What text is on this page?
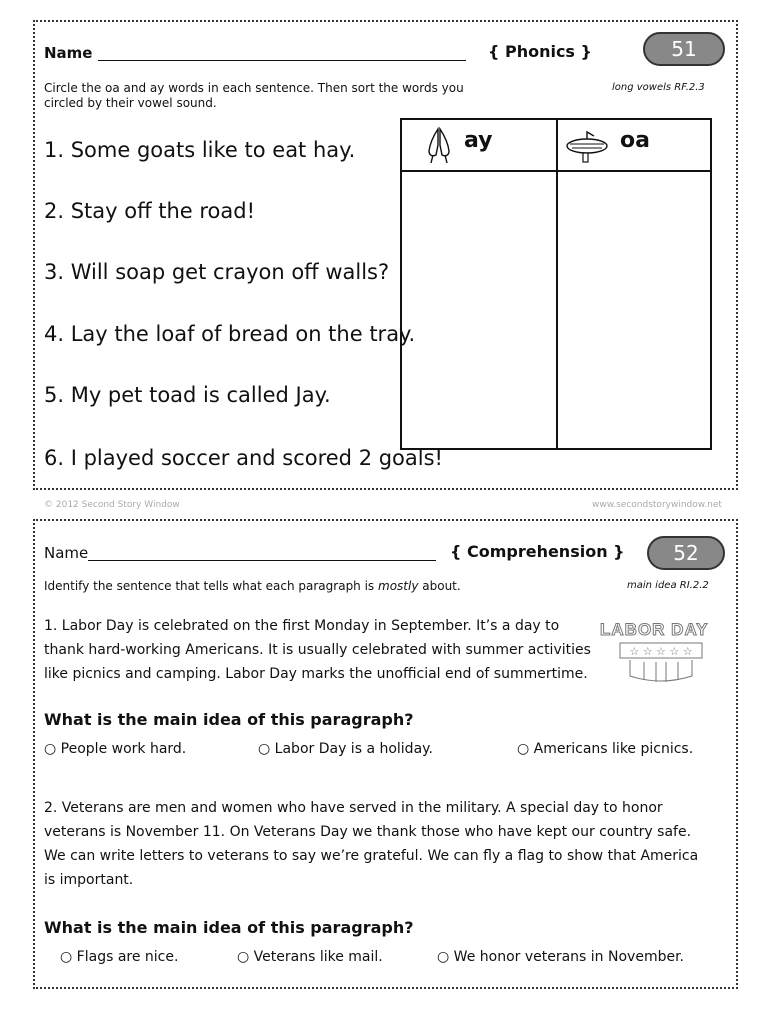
Name	{ Phonics }	51
Circle the oa and ay words in each sentence. Then sort the words you
circled by their vowel sound.
long vowels RF.2.3
1. Some goats like to eat hay.
2. Stay off the road!
3. Will soap get crayon off walls?
4. Lay the loaf of bread on the tray.
5. My pet toad is called Jay.
6. I played soccer and scored 2 goals!
ay	oa
© 2012 Second Story Window	www.secondstorywindow.net
Name	{ Comprehension }	52
Identify the sentence that tells what each paragraph is mostly about.	main idea RI.2.2
1. Labor Day is celebrated on the first Monday in September. It’s a day to
thank hard-working Americans. It is usually celebrated with summer activities
like picnics and camping. Labor Day marks the unofficial end of summertime.
LABOR DAY
☆ ☆ ☆ ☆ ☆
What is the main idea of this paragraph?
○ People work hard.	○ Labor Day is a holiday.	○ Americans like picnics.
2. Veterans are men and women who have served in the military. A special day to honor
veterans is November 11. On Veterans Day we thank those who have kept our country safe.
We can write letters to veterans to say we’re grateful. We can fly a flag to show that America
is important.
What is the main idea of this paragraph?
○ Flags are nice.	○ Veterans like mail.	○ We honor veterans in November.
